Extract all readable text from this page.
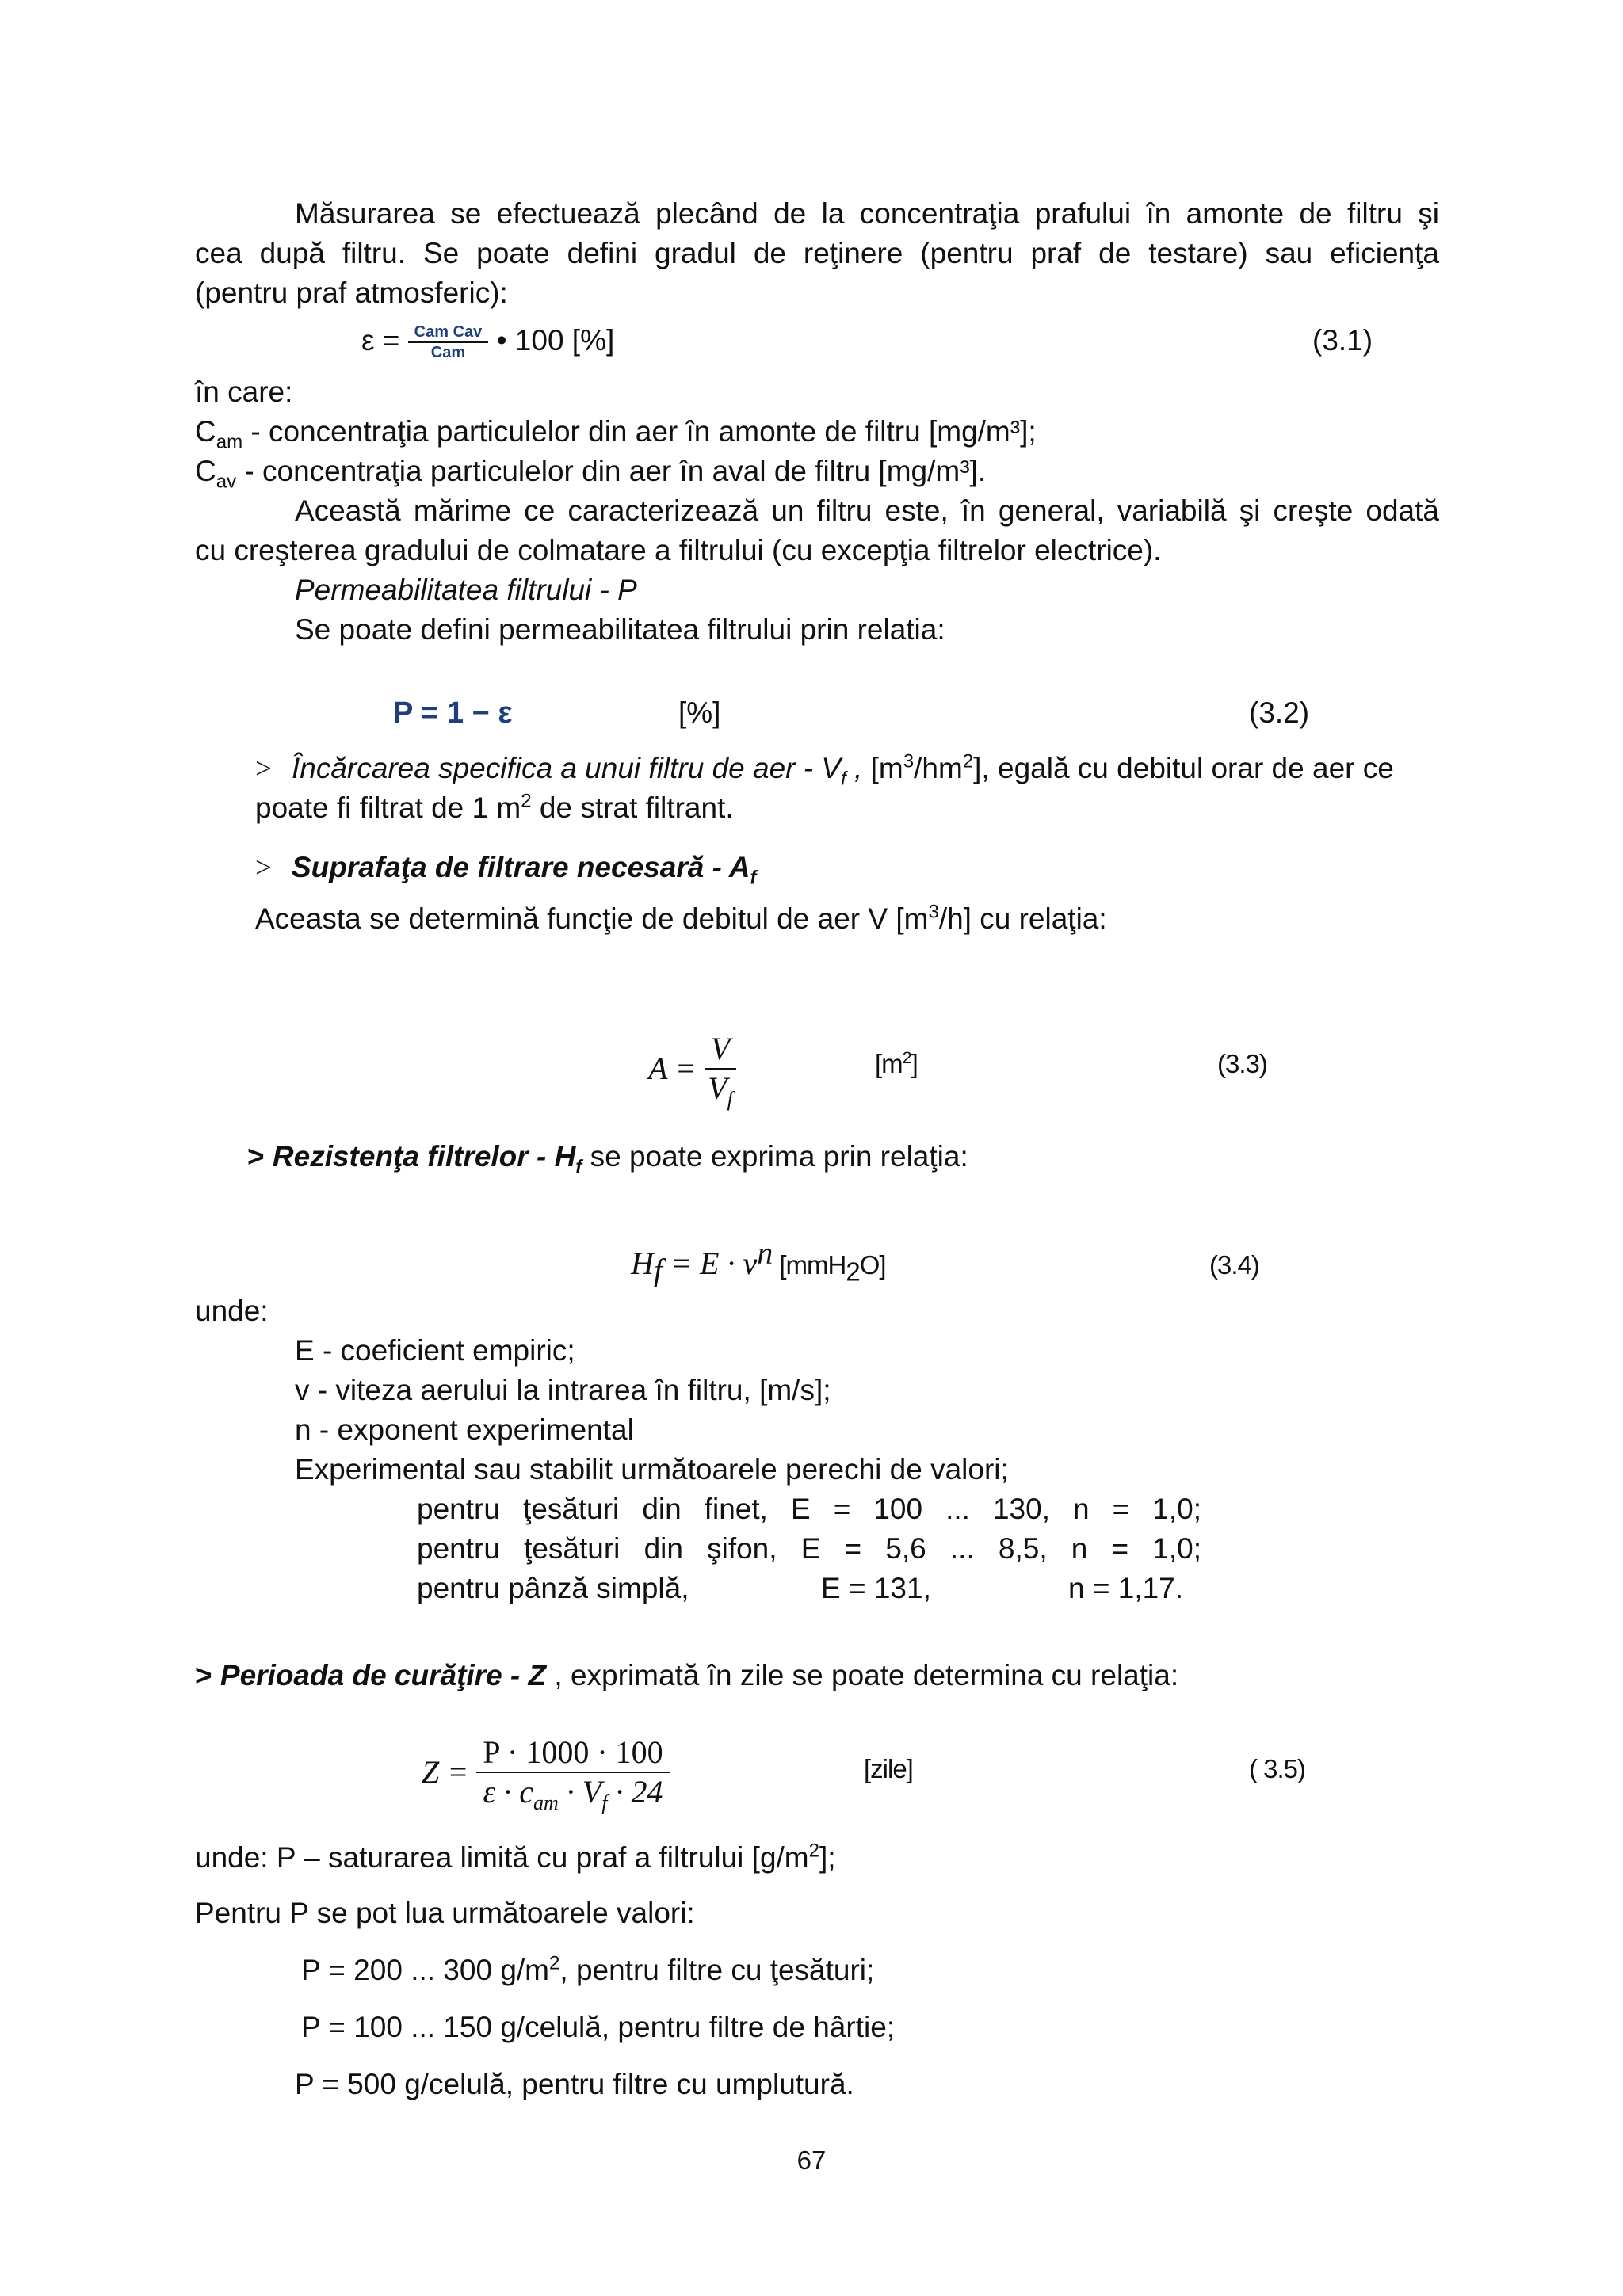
Măsurarea se efectuează plecând de la concentraţia prafului în amonte de filtru şi
cea după filtru. Se poate defini gradul de reţinere (pentru praf de testare) sau eficienţa
(pentru praf atmosferic):
$\varepsilon = \frac{\text{Cam Cav}}{\text{Cam}}$ • 100 [%]	(3.1)
în care:
$C_{am}$ - concentraţia particulelor din aer în amonte de filtru [mg/m³];
$C_{av}$ - concentraţia particulelor din aer în aval de filtru [mg/m³].
Această mărime ce caracterizează un filtru este, în general, variabilă şi creşte odată
cu creşterea gradului de colmatare a filtrului (cu excepţia filtrelor electrice).
Permeabilitatea filtrului - P
Se poate defini permeabilitatea filtrului prin relatia:
P = 1 − ε	[%]	(3.2)
> Încărcarea specifica a unui filtru de aer - $V_f$ , $[m^3/hm^2]$, egală cu debitul orar de aer ce
poate fi filtrat de 1 $m^2$ de strat filtrant.
> Suprafaţa de filtrare necesară - $A_f$
Aceasta se determină funcţie de debitul de aer V $[m^3/h]$ cu relaţia:
$A = \frac{V}{V_f}$	$[m^2]$	(3.3)
> Rezistenţa filtrelor - $H_f$ se poate exprima prin relaţia:
$H_f = E \cdot v^n$ [mmH$_2$O]	(3.4)
unde:
E - coeficient empiric;
v - viteza aerului la intrarea în filtru, [m/s];
n - exponent experimental
Experimental sau stabilit următoarele perechi de valori;
pentru ţesături din finet, E = 100 ... 130, n = 1,0;
pentru ţesături din şifon, E = 5,6 ... 8,5, n = 1,0;
pentru pânză simplă,	E = 131,	n = 1,17.
> Perioada de curăţire - Z , exprimată în zile se poate determina cu relaţia:
$Z = \frac{P \cdot 1000 \cdot 100}{\varepsilon \cdot c_{am} \cdot V_f \cdot 24}$	[zile]	( 3.5)
unde: P – saturarea limită cu praf a filtrului $[g/m^2]$;
Pentru P se pot lua următoarele valori:
P = 200 ... 300 $g/m^2$, pentru filtre cu ţesături;
P = 100 ... 150 g/celulă, pentru filtre de hârtie;
P = 500 g/celulă, pentru filtre cu umplutură.
67
